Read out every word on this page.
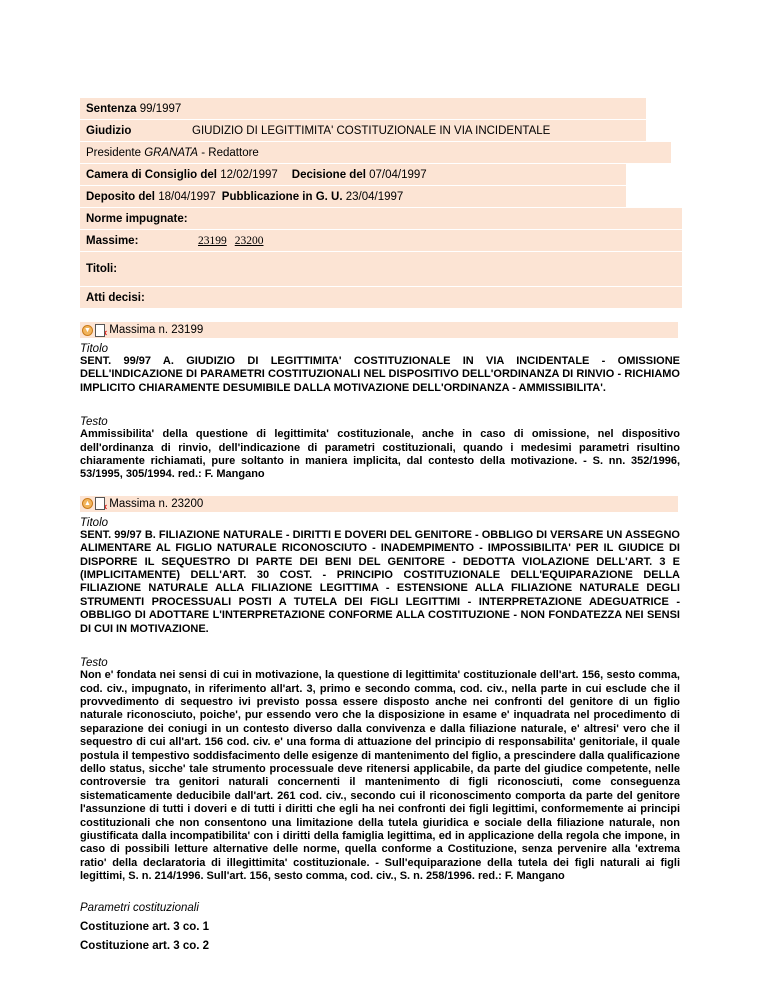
Sentenza
99/1997
Giudizio	GIUDIZIO DI LEGITTIMITA' COSTITUZIONALE IN VIA INCIDENTALE
Presidente
GRANATA
- Redattore
Camera di Consiglio del
12/02/1997 Decisione del
07/04/1997
Deposito del
18/04/1997 Pubblicazione in G. U.
23/04/1997
Norme impugnate:
Massime:	23199 23200
Titoli:
Atti decisi:
▼ Massima n. 23199
Titolo
SENT. 99/97 A. GIUDIZIO DI LEGITTIMITA' COSTITUZIONALE IN VIA INCIDENTALE - OMISSIONE DELL'INDICAZIONE DI PARAMETRI COSTITUZIONALI NEL DISPOSITIVO DELL'ORDINANZA DI RINVIO - RICHIAMO IMPLICITO CHIARAMENTE DESUMIBILE DALLA MOTIVAZIONE DELL'ORDINANZA - AMMISSIBILITA'.
Testo
Ammissibilita' della questione di legittimita' costituzionale, anche in caso di omissione, nel dispositivo dell'ordinanza di rinvio, dell'indicazione di parametri costituzionali, quando i medesimi parametri risultino chiaramente richiamati, pure soltanto in maniera implicita, dal contesto della motivazione. - S. nn. 352/1996, 53/1995, 305/1994. red.: F. Mangano
▲ Massima n. 23200
Titolo
SENT. 99/97 B. FILIAZIONE NATURALE - DIRITTI E DOVERI DEL GENITORE - OBBLIGO DI VERSARE UN ASSEGNO ALIMENTARE AL FIGLIO NATURALE RICONOSCIUTO - INADEMPIMENTO - IMPOSSIBILITA' PER IL GIUDICE DI DISPORRE IL SEQUESTRO DI PARTE DEI BENI DEL GENITORE - DEDOTTA VIOLAZIONE DELL'ART. 3 E (IMPLICITAMENTE) DELL'ART. 30 COST. - PRINCIPIO COSTITUZIONALE DELL'EQUIPARAZIONE DELLA FILIAZIONE NATURALE ALLA FILIAZIONE LEGITTIMA - ESTENSIONE ALLA FILIAZIONE NATURALE DEGLI STRUMENTI PROCESSUALI POSTI A TUTELA DEI FIGLI LEGITTIMI - INTERPRETAZIONE ADEGUATRICE - OBBLIGO DI ADOTTARE L'INTERPRETAZIONE CONFORME ALLA COSTITUZIONE - NON FONDATEZZA NEI SENSI DI CUI IN MOTIVAZIONE.
Testo
Non e' fondata nei sensi di cui in motivazione, la questione di legittimita' costituzionale dell'art. 156, sesto comma, cod. civ., impugnato, in riferimento all'art. 3, primo e secondo comma, cod. civ., nella parte in cui esclude che il provvedimento di sequestro ivi previsto possa essere disposto anche nei confronti del genitore di un figlio naturale riconosciuto, poiche', pur essendo vero che la disposizione in esame e' inquadrata nel procedimento di separazione dei coniugi in un contesto diverso dalla convivenza e dalla filiazione naturale, e' altresi' vero che il sequestro di cui all'art. 156 cod. civ. e' una forma di attuazione del principio di responsabilita' genitoriale, il quale postula il tempestivo soddisfacimento delle esigenze di mantenimento del figlio, a prescindere dalla qualificazione dello status, sicche' tale strumento processuale deve ritenersi applicabile, da parte del giudice competente, nelle controversie tra genitori naturali concernenti il mantenimento di figli riconosciuti, come conseguenza sistematicamente deducibile dall'art. 261 cod. civ., secondo cui il riconoscimento comporta da parte del genitore l'assunzione di tutti i doveri e di tutti i diritti che egli ha nei confronti dei figli legittimi, conformemente ai principi costituzionali che non consentono una limitazione della tutela giuridica e sociale della filiazione naturale, non giustificata dalla incompatibilita' con i diritti della famiglia legittima, ed in applicazione della regola che impone, in caso di possibili letture alternative delle norme, quella conforme a Costituzione, senza pervenire alla 'extrema ratio' della declaratoria di illegittimita' costituzionale. - Sull'equiparazione della tutela dei figli naturali ai figli legittimi, S. n. 214/1996. Sull'art. 156, sesto comma, cod. civ., S. n. 258/1996. red.: F. Mangano
Parametri costituzionali
Costituzione art. 3 co. 1
Costituzione art. 3 co. 2
